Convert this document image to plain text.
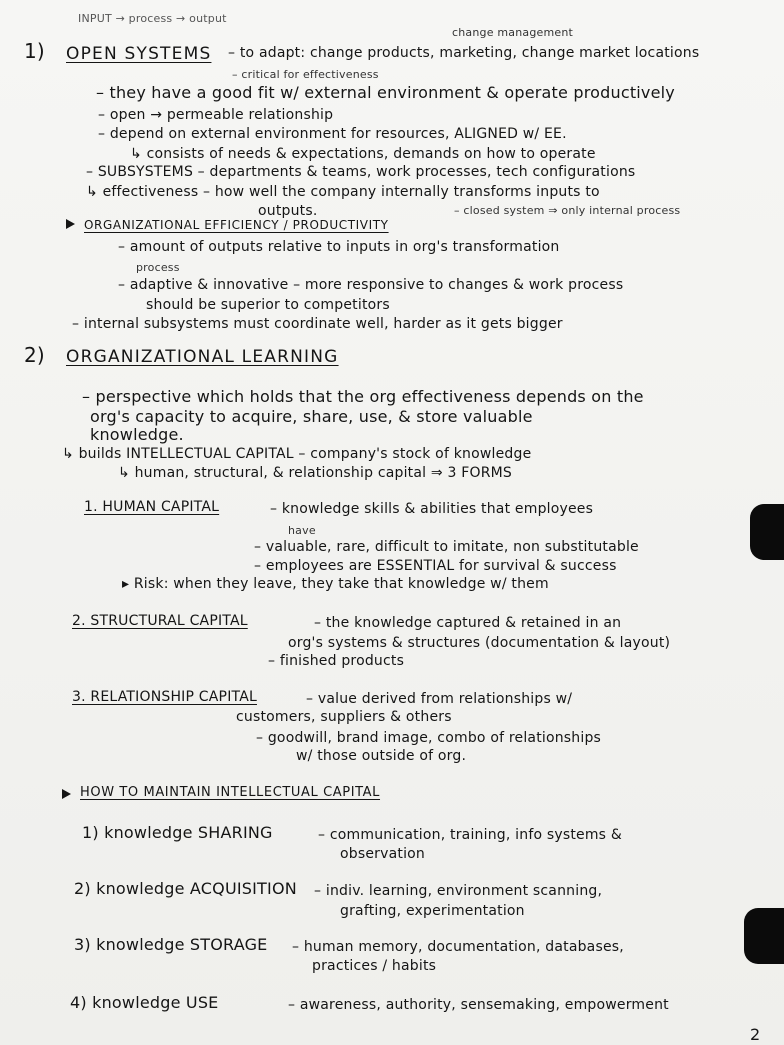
INPUT → process → output
change management
1) OPEN SYSTEMS – to adapt: change products, marketing, change market locations
– critical for effectiveness
– they have a good fit w/ external environment & operate productively
– open → permeable relationship
– depend on external environment for resources, ALIGNED w/ EE.
↳ consists of needs & expectations, demands on how to operate
– SUBSYSTEMS – departments & teams, work processes, tech configurations
↳ effectiveness – how well the company internally transforms inputs to
outputs.	– closed system ⇒ only internal process
ORGANIZATIONAL EFFICIENCY / PRODUCTIVITY
– amount of outputs relative to inputs in org's transformation
process
– adaptive & innovative – more responsive to changes & work process
should be superior to competitors
– internal subsystems must coordinate well, harder as it gets bigger
2) ORGANIZATIONAL LEARNING
– perspective which holds that the org effectiveness depends on the
org's capacity to acquire, share, use, & store valuable
knowledge.
↳ builds INTELLECTUAL CAPITAL – company's stock of knowledge
↳ human, structural, & relationship capital ⇒ 3 FORMS
1. HUMAN CAPITAL	– knowledge skills & abilities that employees
have
– valuable, rare, difficult to imitate, non substitutable
– employees are ESSENTIAL for survival & success
▸ Risk: when they leave, they take that knowledge w/ them
2. STRUCTURAL CAPITAL	– the knowledge captured & retained in an
org's systems & structures (documentation & layout)
– finished products
3. RELATIONSHIP CAPITAL	– value derived from relationships w/
customers, suppliers & others
– goodwill, brand image, combo of relationships
w/ those outside of org.
HOW TO MAINTAIN INTELLECTUAL CAPITAL
1) knowledge SHARING	– communication, training, info systems &
observation
2) knowledge ACQUISITION – indiv. learning, environment scanning,
grafting, experimentation
3) knowledge STORAGE – human memory, documentation, databases,
practices / habits
4) knowledge USE	– awareness, authority, sensemaking, empowerment
2
